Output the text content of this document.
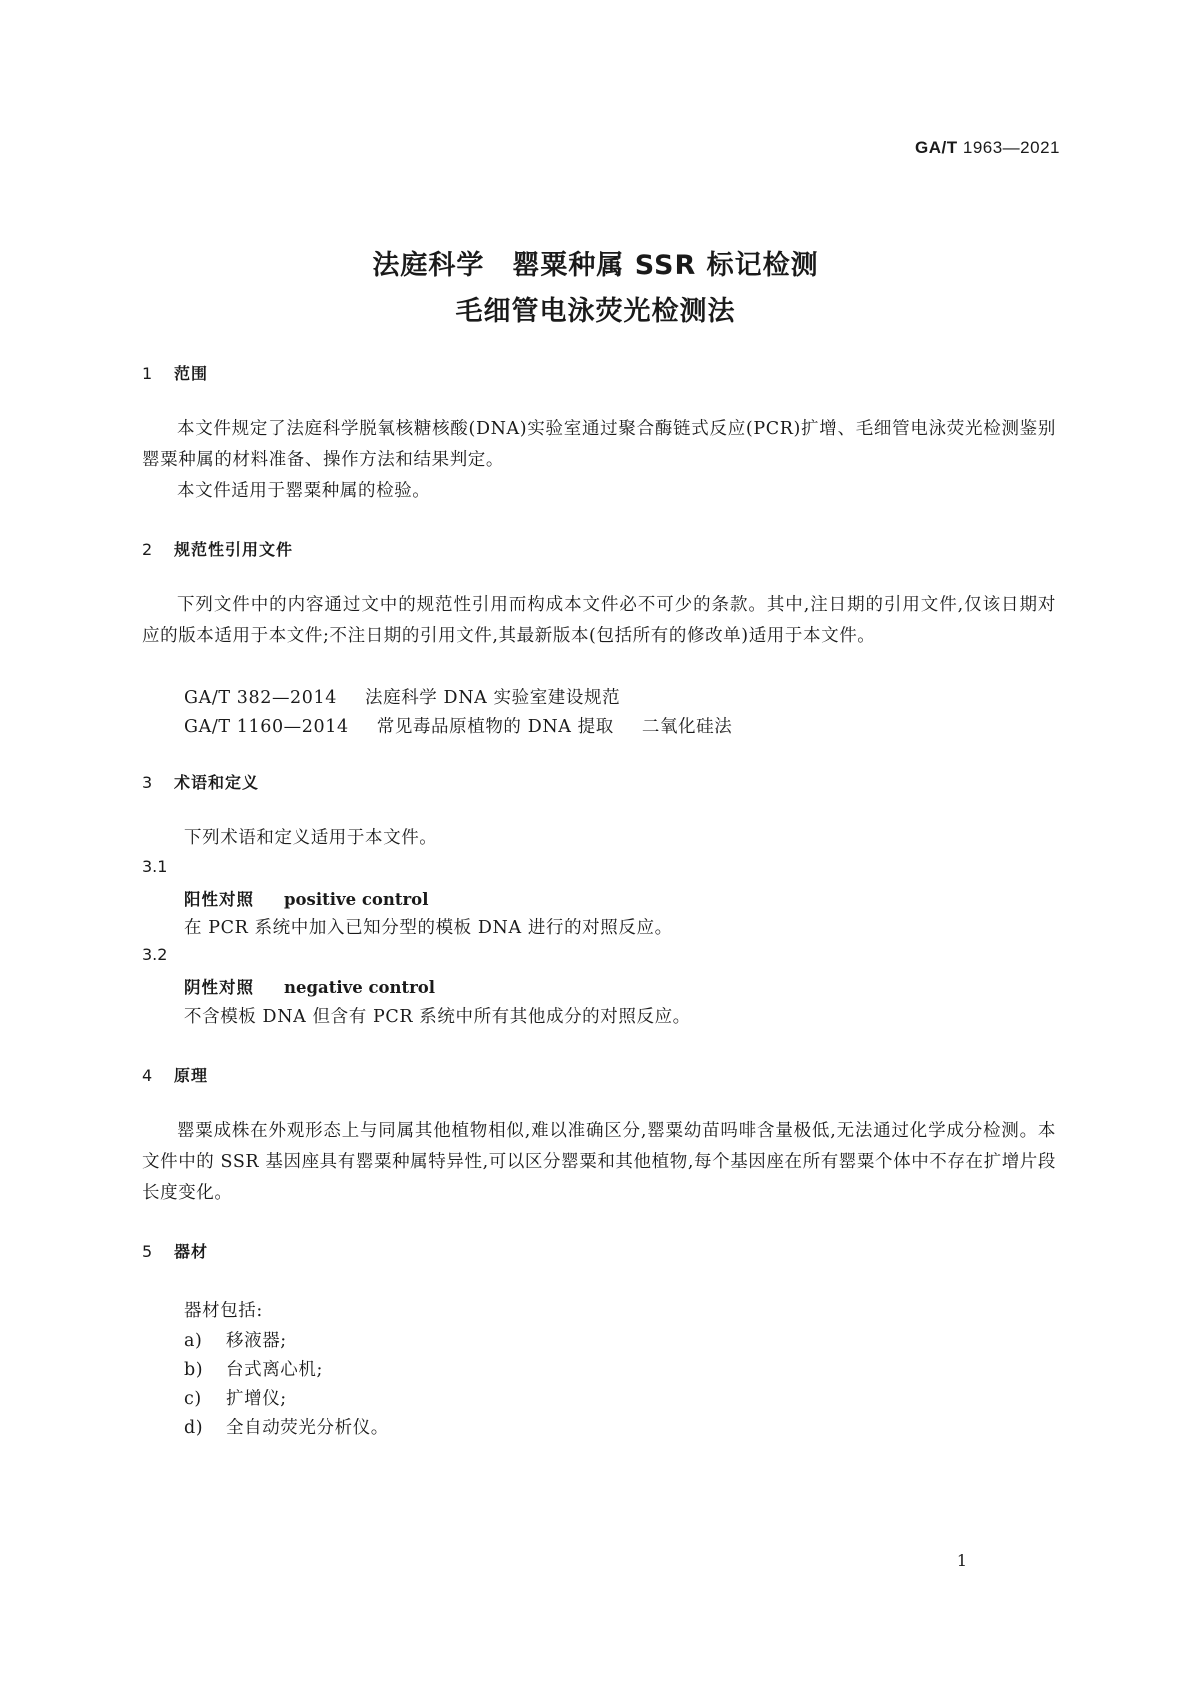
GA/T 1963—2021
法庭科学 罂粟种属 SSR 标记检测
毛细管电泳荧光检测法
1 范围

本文件规定了法庭科学脱氧核糖核酸(DNA)实验室通过聚合酶链式反应(PCR)扩增、毛细管电泳荧光检测鉴别罂粟种属的材料准备、操作方法和结果判定。

本文件适用于罂粟种属的检验。

2 规范性引用文件

下列文件中的内容通过文中的规范性引用而构成本文件必不可少的条款。其中,注日期的引用文件,仅该日期对应的版本适用于本文件;不注日期的引用文件,其最新版本(包括所有的修改单)适用于本文件。

GA/T 382—2014 法庭科学 DNA 实验室建设规范
GA/T 1160—2014 常见毒品原植物的 DNA 提取 二氧化硅法
3 术语和定义
下列术语和定义适用于本文件。
3.1
阳性对照 positive control
在 PCR 系统中加入已知分型的模板 DNA 进行的对照反应。
3.2
阴性对照 negative control
不含模板 DNA 但含有 PCR 系统中所有其他成分的对照反应。
4 原理

罂粟成株在外观形态上与同属其他植物相似,难以准确区分,罂粟幼苗吗啡含量极低,无法通过化学成分检测。本文件中的 SSR 基因座具有罂粟种属特异性,可以区分罂粟和其他植物,每个基因座在所有罂粟个体中不存在扩增片段长度变化。

5 器材
器材包括:
a) 移液器;
b) 台式离心机;
c) 扩增仪;
d) 全自动荧光分析仪。
1
